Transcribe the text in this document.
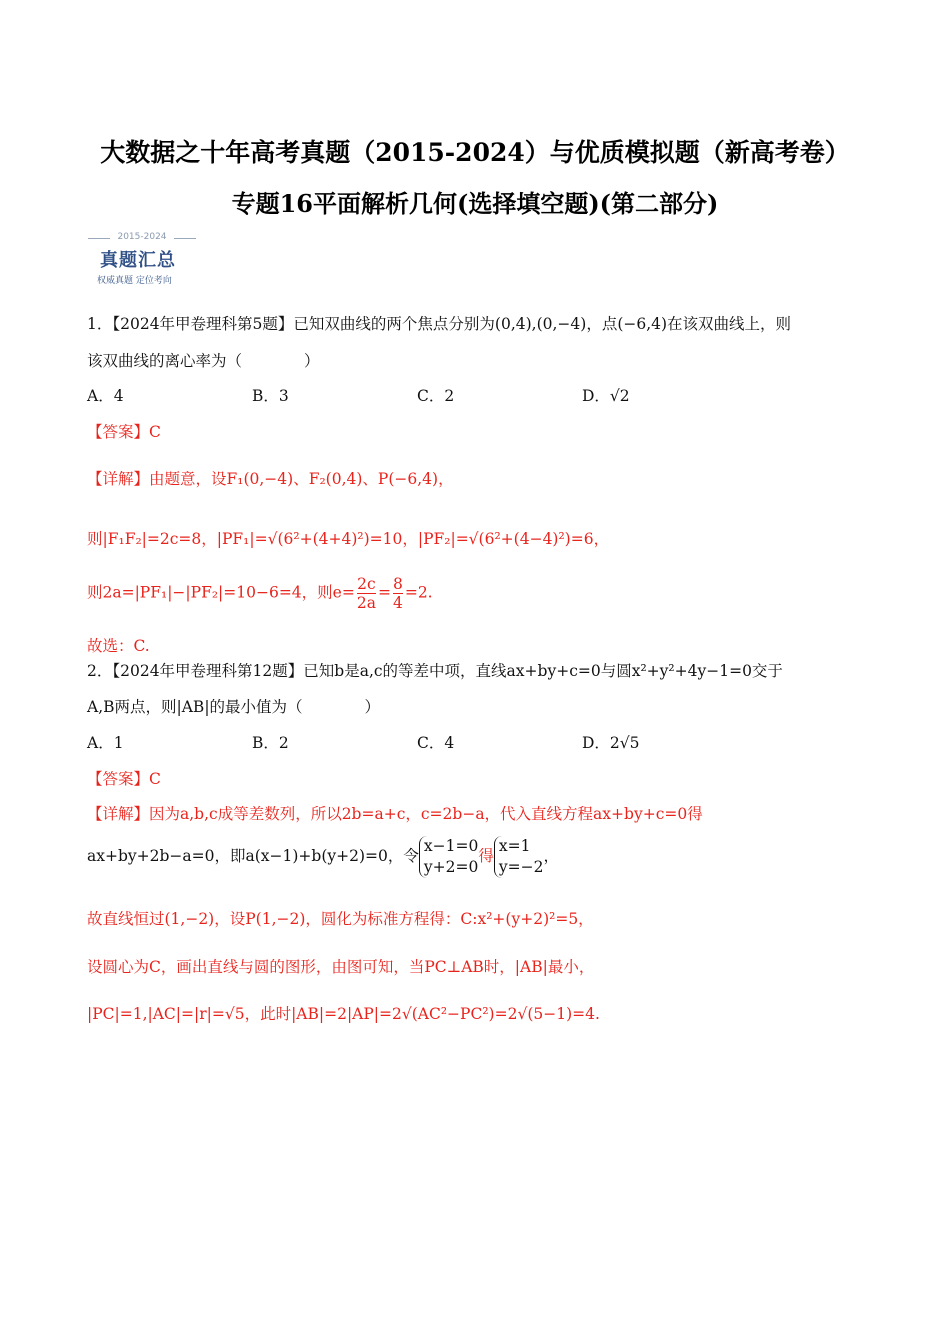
大数据之十年高考真题（2015-2024）与优质模拟题（新高考卷）
专题16平面解析几何(选择填空题)(第二部分)
2015-2024
真题汇总
权威真题 定位考向
1．【2024年甲卷理科第5题】已知双曲线的两个焦点分别为(0,4),(0,−4)，点(−6,4)在该双曲线上，则
该双曲线的离心率为（　　　　）
A．4	B．3	C．2	D．√2
【答案】C
【详解】由题意，设F₁(0,−4)、F₂(0,4)、P(−6,4)，
则|F₁F₂|=2c=8，|PF₁|=√(6²+(4+4)²)=10，|PF₂|=√(6²+(4−4)²)=6，
则2a=|PF₁|−|PF₂|=10−6=4，则$e= \frac{2c}{2a} = \frac{8}{4} =2$.
故选：C.
2．【2024年甲卷理科第12题】已知b是a,c的等差中项，直线ax+by+c=0与圆x²+y²+4y−1=0交于
A,B两点，则|AB|的最小值为（　　　　）
A．1	B．2	C．4	D．2√5
【答案】C
【详解】因为a,b,c成等差数列，所以2b=a+c，c=2b−a，代入直线方程ax+by+c=0得
ax+by+2b−a=0，即a(x−1)+b(y+2)=0，令
x−1=0
y+2=0
得
x=1
y=−2
，
故直线恒过(1,−2)，设P(1,−2)，圆化为标准方程得：C:x²+(y+2)²=5，
设圆心为C，画出直线与圆的图形，由图可知，当PC⊥AB时，|AB|最小，
|PC|=1,|AC|=|r|=√5，此时|AB|=2|AP|=2√(AC²−PC²)=2√(5−1)=4.
